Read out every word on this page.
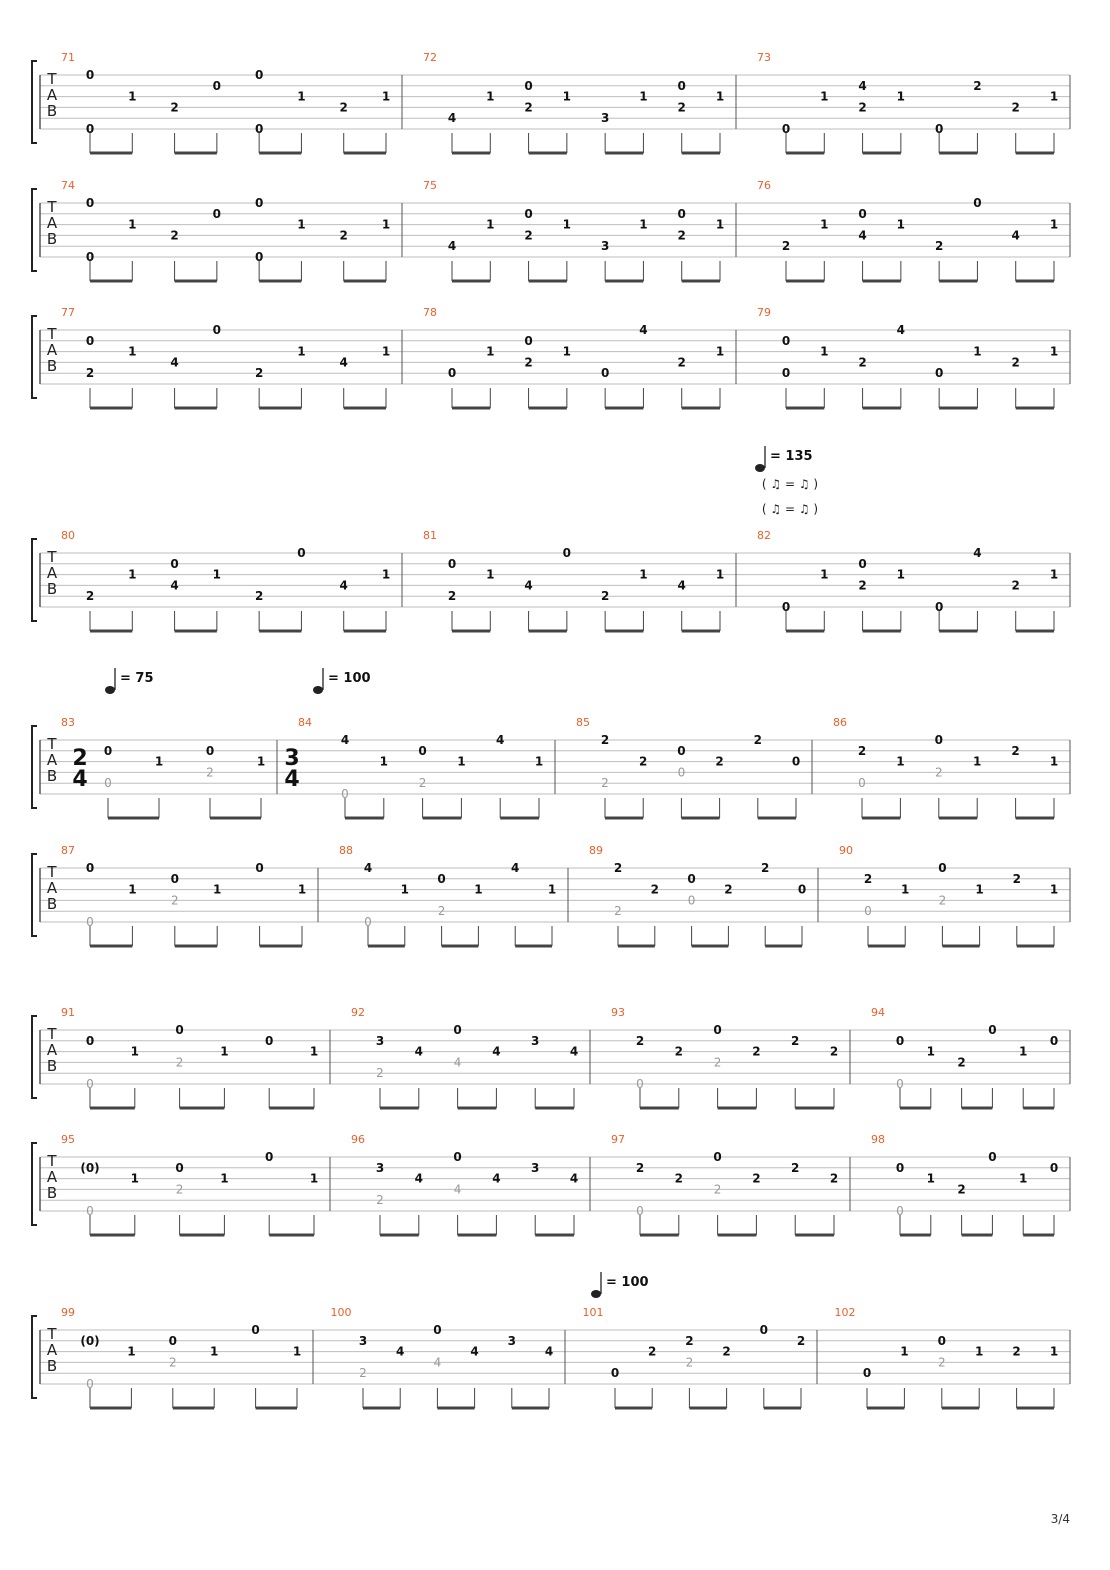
T
A
B
71
0
0
1
2
0
0
0
1
2
1
72
4
1
0
2
1
3
1
0
2
1
73
0
1
4
2
1
0
2
2
1
T
A
B
74
0
0
1
2
0
0
0
1
2
1
75
4
1
0
2
1
3
1
0
2
1
76
2
1
0
4
1
2
0
4
1
T
A
B
77
0
2
1
4
0
2
1
4
1
78
0
1
0
2
1
0
4
2
1
79
0
0
1
2
4
0
1
2
1
T
A
B
80
2
1
0
4
1
2
0
4
1
81
0
2
1
4
0
2
1
4
1
82
0
1
0
2
1
0
4
2
1
T
A
B
83
0
0
1
0
2
1
84
4
0
1
0
2
1
4
1
85
2
2
2
0
0
2
2
0
86
2
0
1
0
2
1
2
1
T
A
B
87
0
0
1
0
2
1
0
1
88
4
0
1
0
2
1
4
1
89
2
2
2
0
0
2
2
0
90
2
0
1
0
2
1
2
1
T
A
B
91
0
0
1
0
2
1
0
1
92
3
2
4
0
4
4
3
4
93
2
0
2
0
2
2
2
2
94
0
0
1
2
0
1
0
T
A
B
95
(0)
0
1
0
2
1
0
1
96
3
2
4
0
4
4
3
4
97
2
0
2
0
2
2
2
2
98
0
0
1
2
0
1
0
T
A
B
99
(0)
0
1
0
2
1
0
1
100
3
2
4
0
4
4
3
4
101
0
2
2
2
2
0
2
102
0
1
0
2
1 2 1
2
4
3
4
= 135
( ♫ = ♫ )
( ♫ = ♫ )
= 75	= 100
= 100
3/4
